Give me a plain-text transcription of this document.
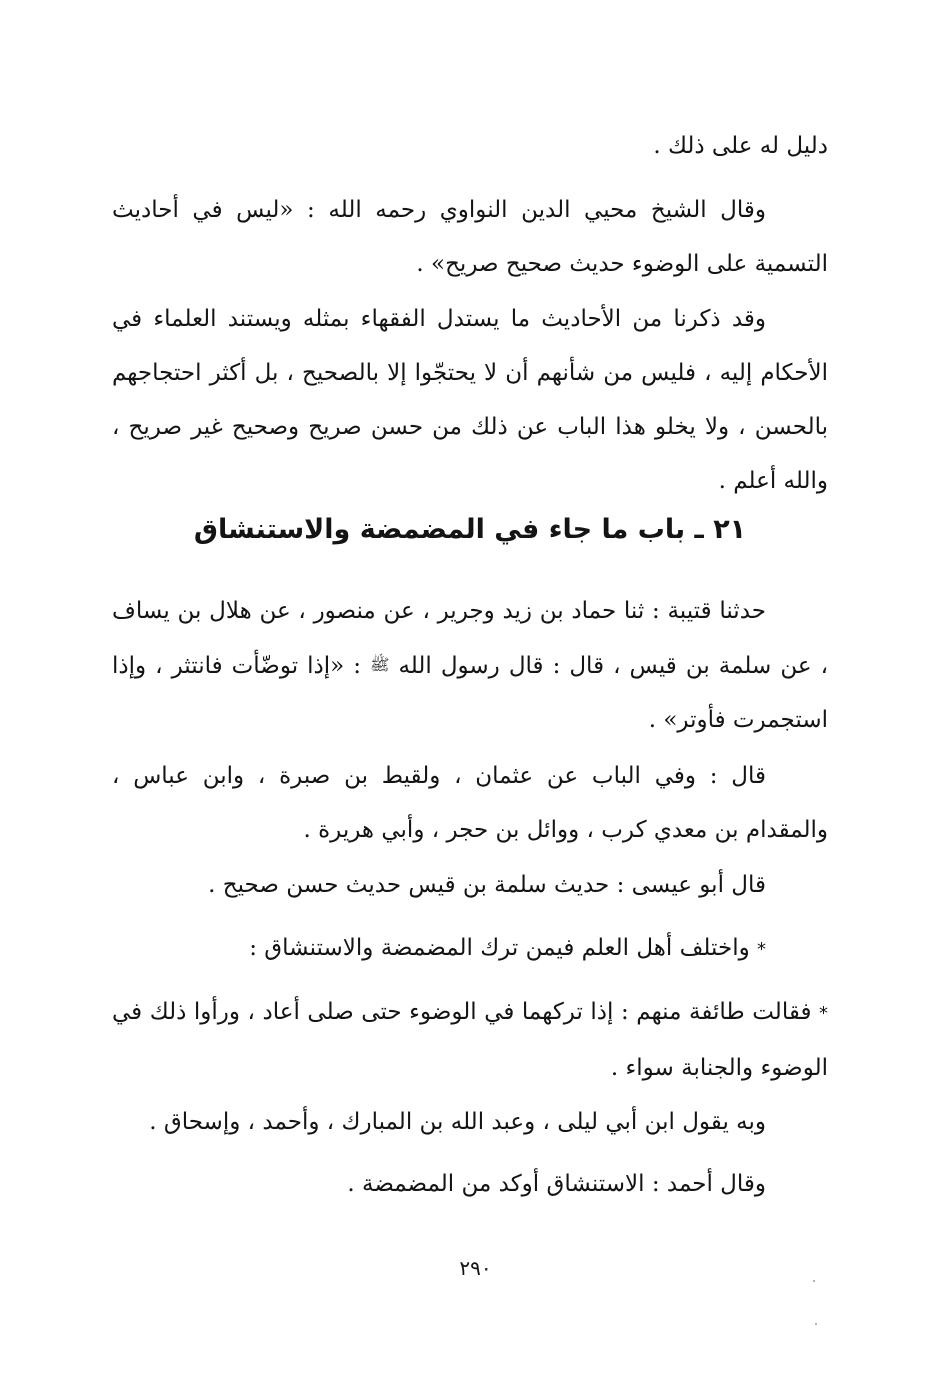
دليل له على ذلك .

وقال الشيخ محيي الدين النواوي رحمه الله : «ليس في أحاديث التسمية على الوضوء حديث صحيح صريح» .

وقد ذكرنا من الأحاديث ما يستدل الفقهاء بمثله ويستند العلماء في الأحكام إليه ، فليس من شأنهم أن لا يحتجّوا إلا بالصحيح ، بل أكثر احتجاجهم بالحسن ، ولا يخلو هذا الباب عن ذلك من حسن صريح وصحيح غير صريح ، والله أعلم .

٢١ ـ باب ما جاء في المضمضة والاستنشاق

حدثنا قتيبة : ثنا حماد بن زيد وجرير ، عن منصور ، عن هلال بن يساف ، عن سلمة بن قيس ، قال : قال رسول الله ﷺ : «إذا توضّأت فانتثر ، وإذا استجمرت فأوتر» .

قال : وفي الباب عن عثمان ، ولقيط بن صبرة ، وابن عباس ، والمقدام بن معدي كرب ، ووائل بن حجر ، وأبي هريرة .

قال أبو عيسى : حديث سلمة بن قيس حديث حسن صحيح .

* واختلف أهل العلم فيمن ترك المضمضة والاستنشاق :

* فقالت طائفة منهم : إذا تركهما في الوضوء حتى صلى أعاد ، ورأوا ذلك في الوضوء والجنابة سواء .

وبه يقول ابن أبي ليلى ، وعبد الله بن المبارك ، وأحمد ، وإسحاق .

وقال أحمد : الاستنشاق أوكد من المضمضة .

٢٩٠
